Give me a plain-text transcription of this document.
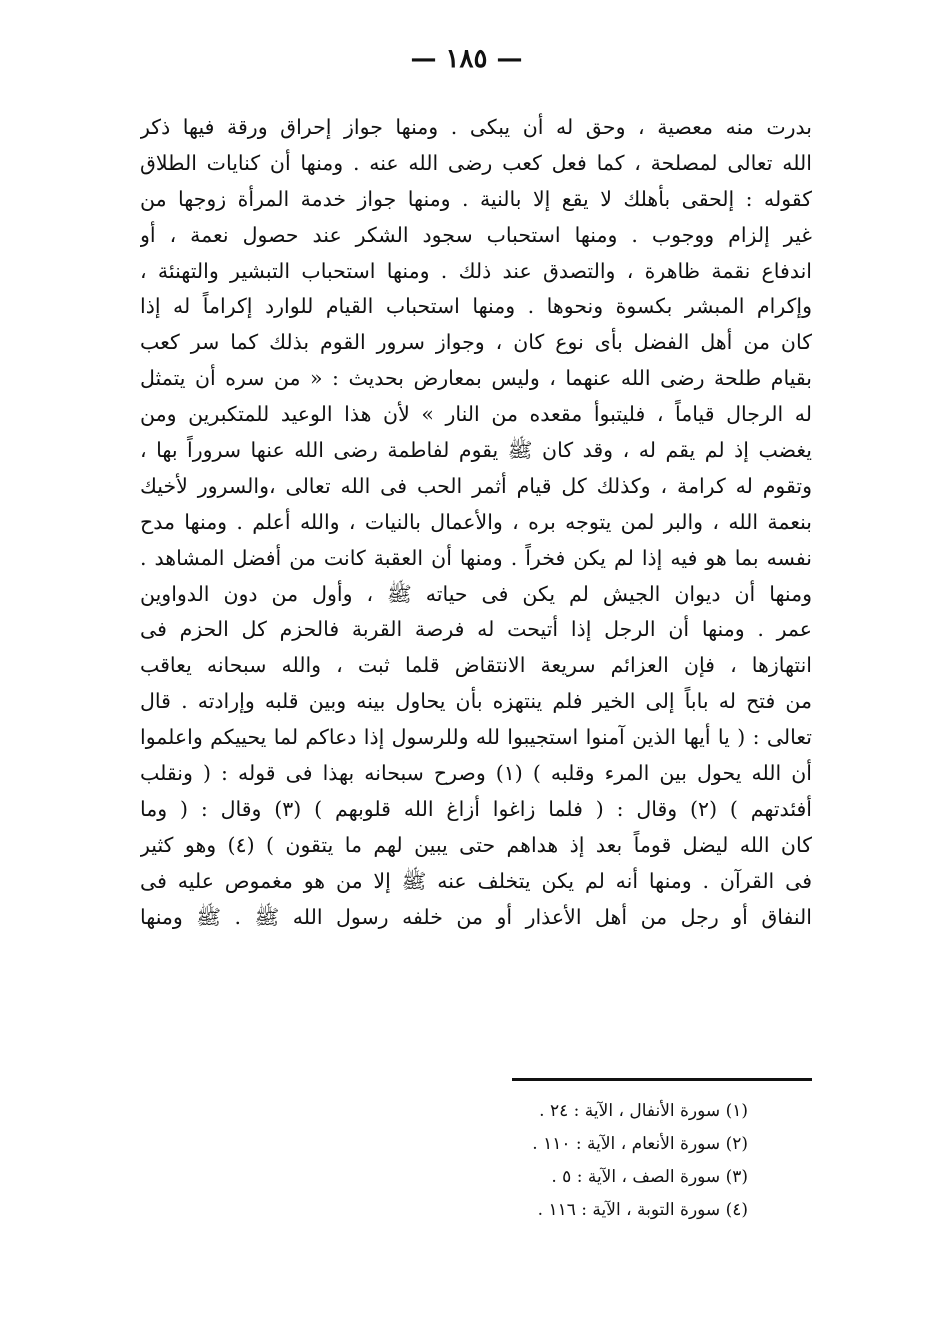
— ١٨٥ —
بدرت منه معصية ، وحق له أن يبكى . ومنها جواز إحراق ورقة فيها ذكر
الله تعالى لمصلحة ، كما فعل كعب رضى الله عنه . ومنها أن كنايات الطلاق
كقوله : إلحقى بأهلك لا يقع إلا بالنية . ومنها جواز خدمة المرأة زوجها من
غير إلزام ووجوب . ومنها استحباب سجود الشكر عند حصول نعمة ، أو
اندفاع نقمة ظاهرة ، والتصدق عند ذلك . ومنها استحباب التبشير والتهنئة ،
وإكرام المبشر بكسوة ونحوها . ومنها استحباب القيام للوارد إكراماً له إذا
كان من أهل الفضل بأى نوع كان ، وجواز سرور القوم بذلك كما سر كعب
بقيام طلحة رضى الله عنهما ، وليس بمعارض بحديث : « من سره أن يتمثل
له الرجال قياماً ، فليتبوأ مقعده من النار » لأن هذا الوعيد للمتكبرين ومن
يغضب إذ لم يقم له ، وقد كان ﷺ يقوم لفاطمة رضى الله عنها سروراً بها ،
وتقوم له كرامة ، وكذلك كل قيام أثمر الحب فى الله تعالى ،والسرور لأخيك
بنعمة الله ، والبر لمن يتوجه بره ، والأعمال بالنيات ، والله أعلم . ومنها مدح
نفسه بما هو فيه إذا لم يكن فخراً . ومنها أن العقبة كانت من أفضل المشاهد .
ومنها أن ديوان الجيش لم يكن فى حياته ﷺ ، وأول من دون الدواوين
عمر . ومنها أن الرجل إذا أتيحت له فرصة القربة فالحزم كل الحزم فى
انتهازها ، فإن العزائم سريعة الانتقاض قلما ثبت ، والله سبحانه يعاقب
من فتح له باباً إلى الخير فلم ينتهزه بأن يحاول بينه وبين قلبه وإرادته . قال
تعالى : ( يا أيها الذين آمنوا استجيبوا لله وللرسول إذا دعاكم لما يحييكم واعلموا
أن الله يحول بين المرء وقلبه ) (١) وصرح سبحانه بهذا فى قوله : ( ونقلب
أفئدتهم ) (٢) وقال : ( فلما زاغوا أزاغ الله قلوبهم ) (٣) وقال : ( وما
كان الله ليضل قوماً بعد إذ هداهم حتى يبين لهم ما يتقون ) (٤) وهو كثير
فى القرآن . ومنها أنه لم يكن يتخلف عنه ﷺ إلا من هو مغموص عليه فى
النفاق أو رجل من أهل الأعذار أو من خلفه رسول الله ﷺ . ﷺ ومنها
(١) سورة الأنفال ، الآية : ٢٤ .
(٢) سورة الأنعام ، الآية : ١١٠ .
(٣) سورة الصف ، الآية : ٥ .
(٤) سورة التوبة ، الآية : ١١٦ .
